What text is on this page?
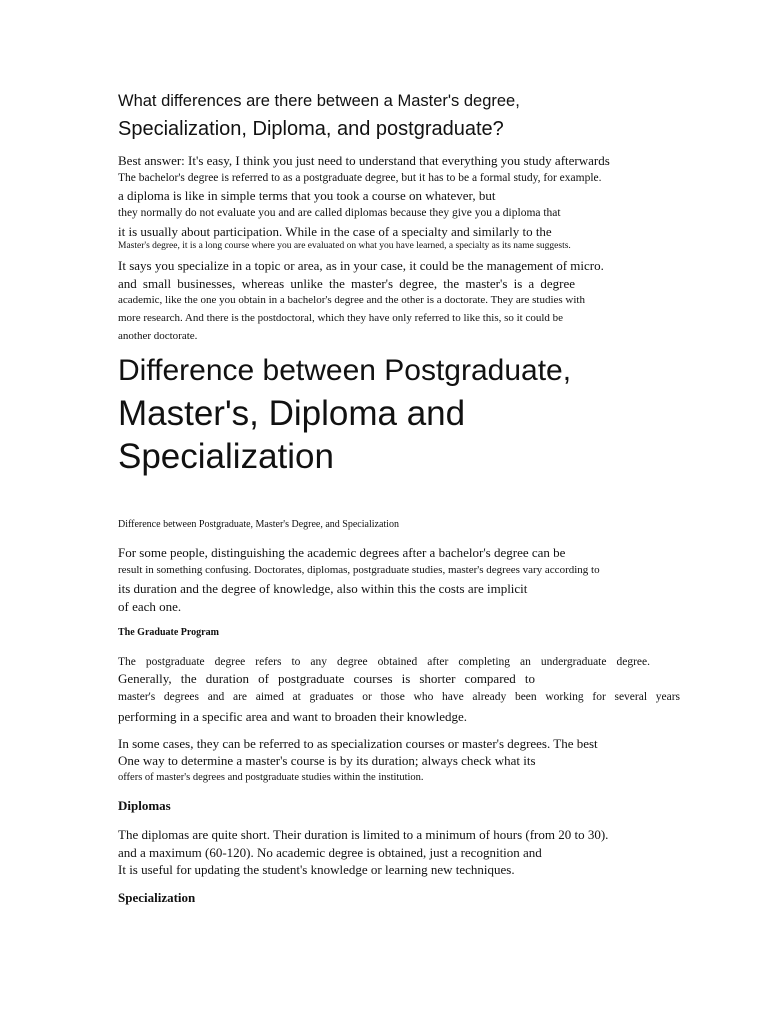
What differences are there between a Master's degree,

Specialization, Diploma, and postgraduate?

Best answer: It's easy, I think you just need to understand that everything you study afterwards

The bachelor's degree is referred to as a postgraduate degree, but it has to be a formal study, for example.

a diploma is like in simple terms that you took a course on whatever, but

they normally do not evaluate you and are called diplomas because they give you a diploma that

it is usually about participation. While in the case of a specialty and similarly to the

Master's degree, it is a long course where you are evaluated on what you have learned, a specialty as its name suggests.

It says you specialize in a topic or area, as in your case, it could be the management of micro.

and small businesses, whereas unlike the master's degree, the master's is a degree

academic, like the one you obtain in a bachelor's degree and the other is a doctorate. They are studies with

more research. And there is the postdoctoral, which they have only referred to like this, so it could be

another doctorate.

Difference between Postgraduate,

Master's, Diploma and

Specialization

Difference between Postgraduate, Master's Degree, and Specialization

For some people, distinguishing the academic degrees after a bachelor's degree can be

result in something confusing. Doctorates, diplomas, postgraduate studies, master's degrees vary according to

its duration and the degree of knowledge, also within this the costs are implicit

of each one.

The Graduate Program

The postgraduate degree refers to any degree obtained after completing an undergraduate degree.

Generally, the duration of postgraduate courses is shorter compared to

master's degrees and are aimed at graduates or those who have already been working for several years

performing in a specific area and want to broaden their knowledge.

In some cases, they can be referred to as specialization courses or master's degrees. The best

One way to determine a master's course is by its duration; always check what its

offers of master's degrees and postgraduate studies within the institution.

Diplomas

The diplomas are quite short. Their duration is limited to a minimum of hours (from 20 to 30).

and a maximum (60-120). No academic degree is obtained, just a recognition and

It is useful for updating the student's knowledge or learning new techniques.

Specialization
